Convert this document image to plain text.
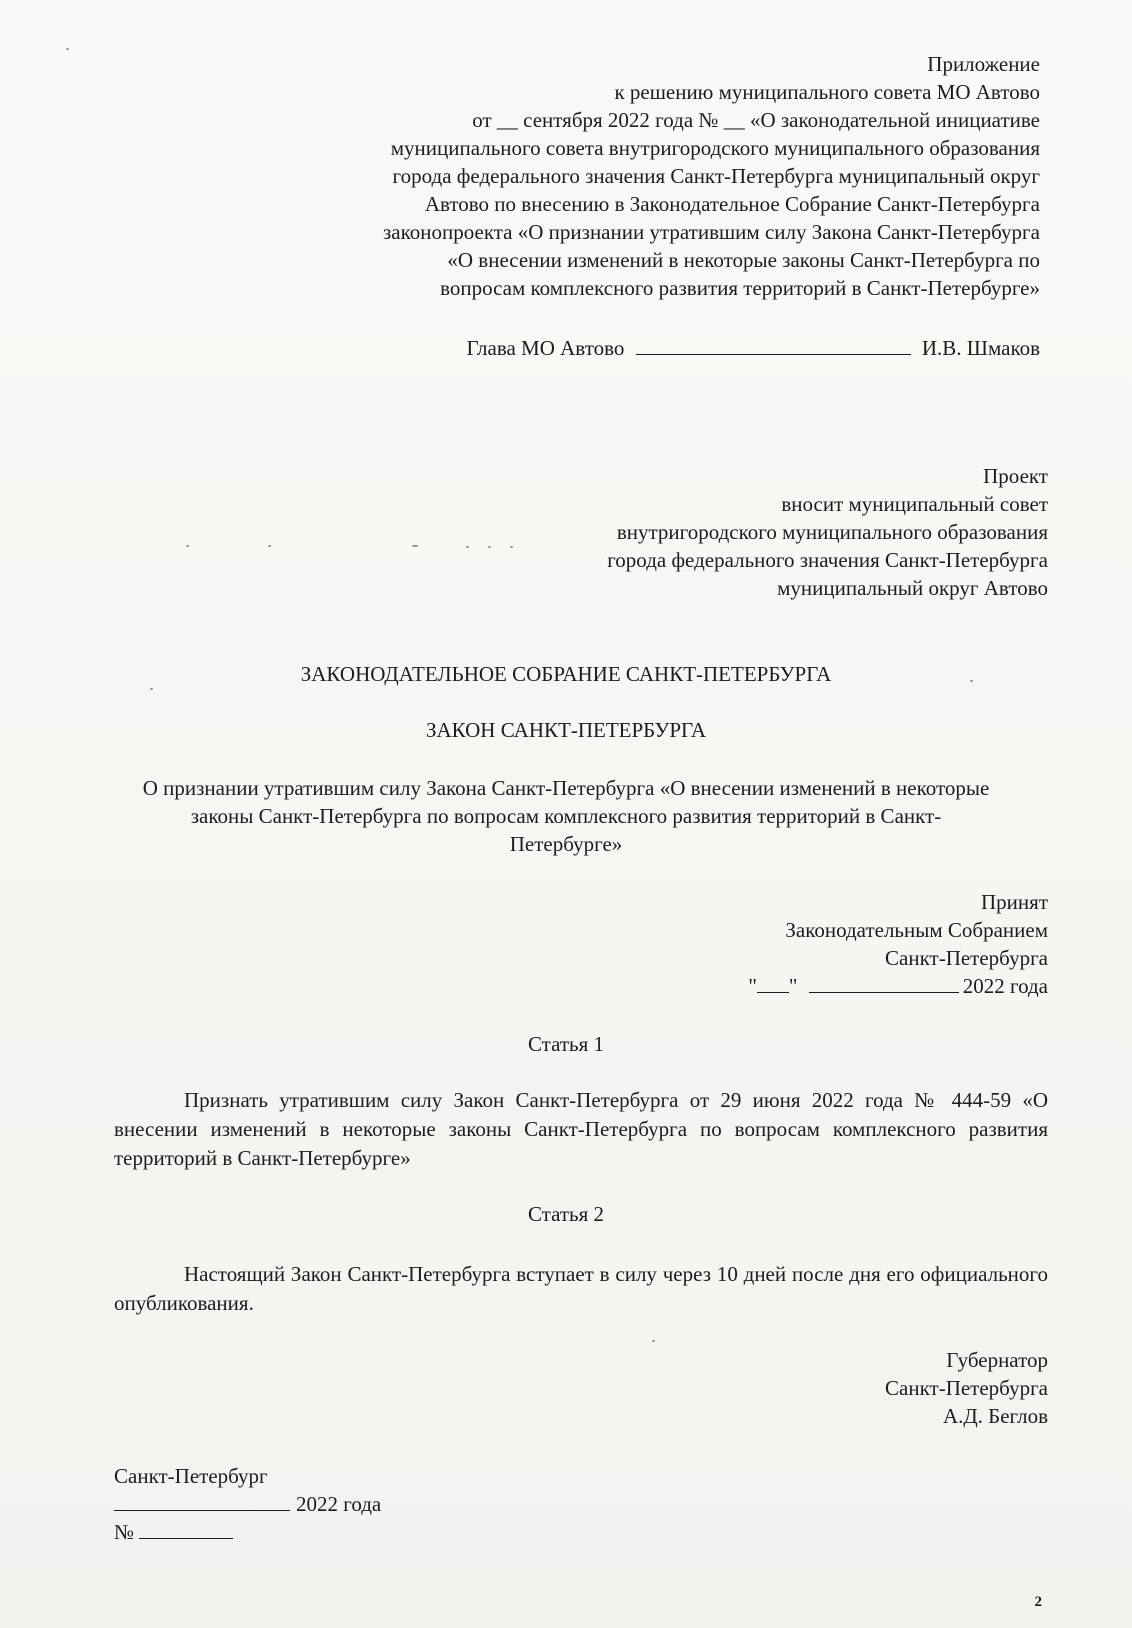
Приложение
к решению муниципального совета МО Автово
от __ сентября 2022 года № __ «О законодательной инициативе
муниципального совета внутригородского муниципального образования
города федерального значения Санкт-Петербурга муниципальный округ
Автово по внесению в Законодательное Собрание Санкт-Петербурга
законопроекта «О признании утратившим силу Закона Санкт-Петербурга
«О внесении изменений в некоторые законы Санкт-Петербурга по
вопросам комплексного развития территорий в Санкт-Петербурге»
Глава МО Автово	И.В. Шмаков
Проект
вносит муниципальный совет
внутригородского муниципального образования
города федерального значения Санкт-Петербурга
муниципальный округ Автово
ЗАКОНОДАТЕЛЬНОЕ СОБРАНИЕ САНКТ-ПЕТЕРБУРГА
ЗАКОН САНКТ-ПЕТЕРБУРГА
О признании утратившим силу Закона Санкт-Петербурга «О внесении изменений в некоторые
законы Санкт-Петербурга по вопросам комплексного развития территорий в Санкт-
Петербурге»
Принят
Законодательным Собранием
Санкт-Петербурга
" "	2022 года
Статья 1
Признать утратившим силу Закон Санкт-Петербурга от 29 июня 2022 года № 444-59 «О внесении изменений в некоторые законы Санкт-Петербурга по вопросам комплексного развития территорий в Санкт-Петербурге»
Статья 2
Настоящий Закон Санкт-Петербурга вступает в силу через 10 дней после дня его официального опубликования.
Губернатор
Санкт-Петербурга
А.Д. Беглов
Санкт-Петербург
2022 года
№
2
